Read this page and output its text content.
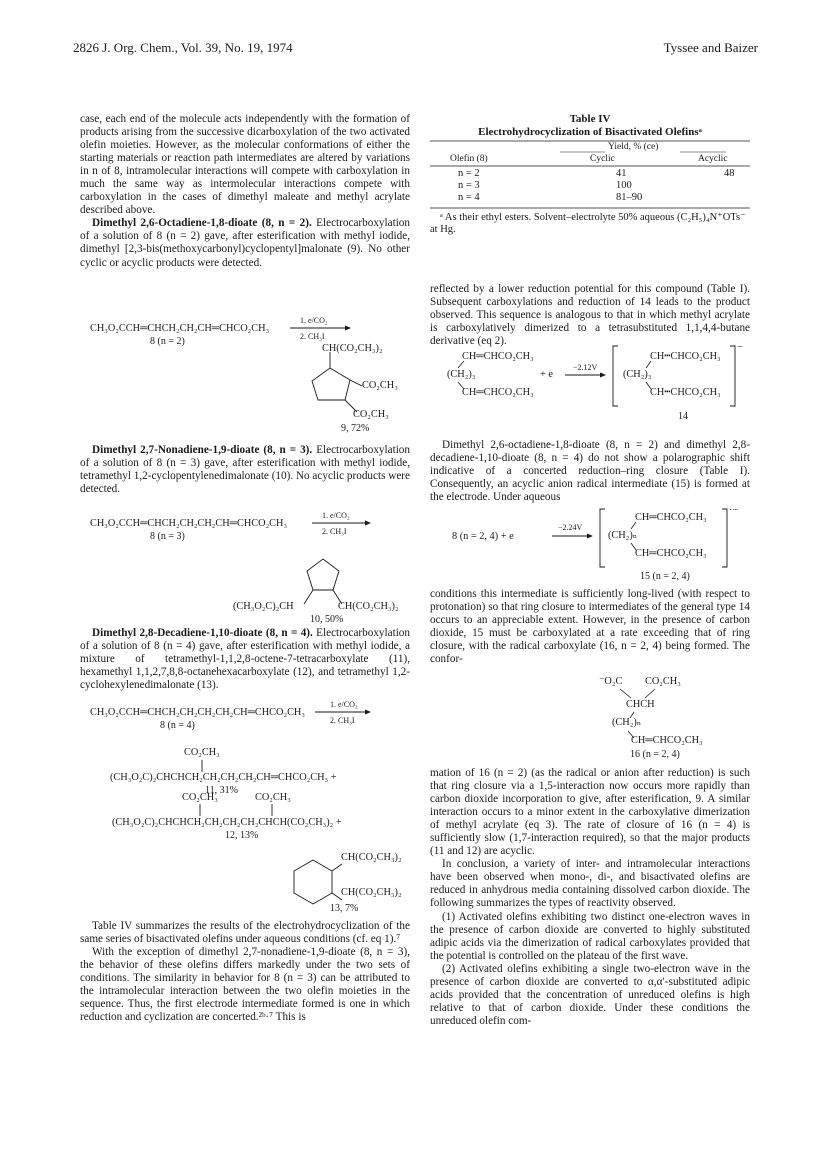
2826 J. Org. Chem., Vol. 39, No. 19, 1974	Tyssee and Baizer

case, each end of the molecule acts independently with the formation of products arising from the successive dicarboxylation of the two activated olefin moieties. However, as the molecular conformations of either the starting materials or reaction path intermediates are altered by variations in n of 8, intramolecular interactions will compete with carboxylation in much the same way as intermolecular interactions compete with carboxylation in the cases of dimethyl maleate and methyl acrylate described above.

Dimethyl 2,6-Octadiene-1,8-dioate (8, n = 2). Electrocarboxylation of a solution of 8 (n = 2) gave, after esterification with methyl iodide, dimethyl [2,3-bis(methoxycarbonyl)cyclopentyl]malonate (9). No other cyclic or acyclic products were detected.

CH₃O₂CCH═CHCH₂CH₂CH═CHCO₂CH₃
8 (n = 2)
1. e/CO₂
2. CH₃I
CH(CO₂CH₃)₂
CO₂CH₃
CO₂CH₃
9, 72%

Dimethyl 2,7-Nonadiene-1,9-dioate (8, n = 3). Electrocarboxylation of a solution of 8 (n = 3) gave, after esterification with methyl iodide, tetramethyl 1,2-cyclopentylenedimalonate (10). No acyclic products were detected.

CH₃O₂CCH═CHCH₂CH₂CH₂CH═CHCO₂CH₃
8 (n = 3)
1. e/CO₂
2. CH₃I
(CH₃O₂C)₂CH	CH(CO₂CH₃)₂
10, 50%

Dimethyl 2,8-Decadiene-1,10-dioate (8, n = 4). Electrocarboxylation of a solution of 8 (n = 4) gave, after esterification with methyl iodide, a mixture of tetramethyl-1,1,2,8-octene-7-tetracarboxylate (11), hexamethyl 1,1,2,7,8,8-octanehexacarboxylate (12), and tetramethyl 1,2-cyclohexylenedimalonate (13).

CH₃O₂CCH═CHCH₂CH₂CH₂CH₂CH═CHCO₂CH₃
8 (n = 4)
1. e/CO₂
2. CH₃I
CO₂CH₃
(CH₃O₂C)₂CHCHCH₂CH₂CH₂CH₂CH═CHCO₂CH₃ +
11, 31%
CO₂CH₃	CO₂CH₃
(CH₃O₂C)₂CHCHCH₂CH₂CH₂CH₂CHCH(CO₂CH₃)₂ +
12, 13%
CH(CO₂CH₃)₂
CH(CO₂CH₃)₂
13, 7%

Table IV summarizes the results of the electrohydrocyclization of the same series of bisactivated olefins under aqueous conditions (cf. eq 1).⁷

With the exception of dimethyl 2,7-nonadiene-1,9-dioate (8, n = 3), the behavior of these olefins differs markedly under the two sets of conditions. The similarity in behavior for 8 (n = 3) can be attributed to the intramolecular interaction between the two olefin moieties in the sequence. Thus, the first electrode intermediate formed is one in which reduction and cyclization are concerted.²ᵇ·⁷ This is

Table IV
Electrohydrocyclization of Bisactivated Olefinsᵃ
Yield, % (ce)
Olefin (8)	Cyclic	Acyclic
n = 2	41	48
n = 3	100	
n = 4	81–90	
ᵃ As their ethyl esters. Solvent–electrolyte 50% aqueous (C₂H₅)₄N⁺OTs⁻ at Hg.

reflected by a lower reduction potential for this compound (Table I). Subsequent carboxylations and reduction of 14 leads to the product observed. This sequence is analogous to that in which methyl acrylate is carboxylatively dimerized to a tetrasubstituted 1,1,4,4-butane derivative (eq 2).

CH═CHCO₂CH₃
(CH₂)₃
CH═CHCO₂CH₃
+ e
−2.12V
CH┅CHCO₂CH₃
(CH₂)₃
CH┅CHCO₂CH₃
−
14

Dimethyl 2,6-octadiene-1,8-dioate (8, n = 2) and dimethyl 2,8-decadiene-1,10-dioate (8, n = 4) do not show a polarographic shift indicative of a concerted reduction–ring closure (Table I). Consequently, an acyclic anion radical intermediate (15) is formed at the electrode. Under aqueous

8 (n = 2, 4) + e
−2.24V
CH═CHCO₂CH₃
(CH₂)ₙ
CH═CHCO₂CH₃
·−
15 (n = 2, 4)

conditions this intermediate is sufficiently long-lived (with respect to protonation) so that ring closure to intermediates of the general type 14 occurs to an appreciable extent. However, in the presence of carbon dioxide, 15 must be carboxylated at a rate exceeding that of ring closure, with the radical carboxylate (16, n = 2, 4) being formed. The confor-

⁻O₂C CO₂CH₃
CHCH
(CH₂)ₙ
CH═CHCO₂CH₃
16 (n = 2, 4)

mation of 16 (n = 2) (as the radical or anion after reduction) is such that ring closure via a 1,5-interaction now occurs more rapidly than carbon dioxide incorporation to give, after esterification, 9. A similar interaction occurs to a minor extent in the carboxylative dimerization of methyl acrylate (eq 3). The rate of closure of 16 (n = 4) is sufficiently slow (1,7-interaction required), so that the major products (11 and 12) are acyclic.

In conclusion, a variety of inter- and intramolecular interactions have been observed when mono-, di-, and bisactivated olefins are reduced in anhydrous media containing dissolved carbon dioxide. The following summarizes the types of reactivity observed.

(1) Activated olefins exhibiting two distinct one-electron waves in the presence of carbon dioxide are converted to highly substituted adipic acids via the dimerization of radical carboxylates provided that the potential is controlled on the plateau of the first wave.

(2) Activated olefins exhibiting a single two-electron wave in the presence of carbon dioxide are converted to α,α′-substituted adipic acids provided that the concentration of unreduced olefins is high relative to that of carbon dioxide. Under these conditions the unreduced olefin com-
